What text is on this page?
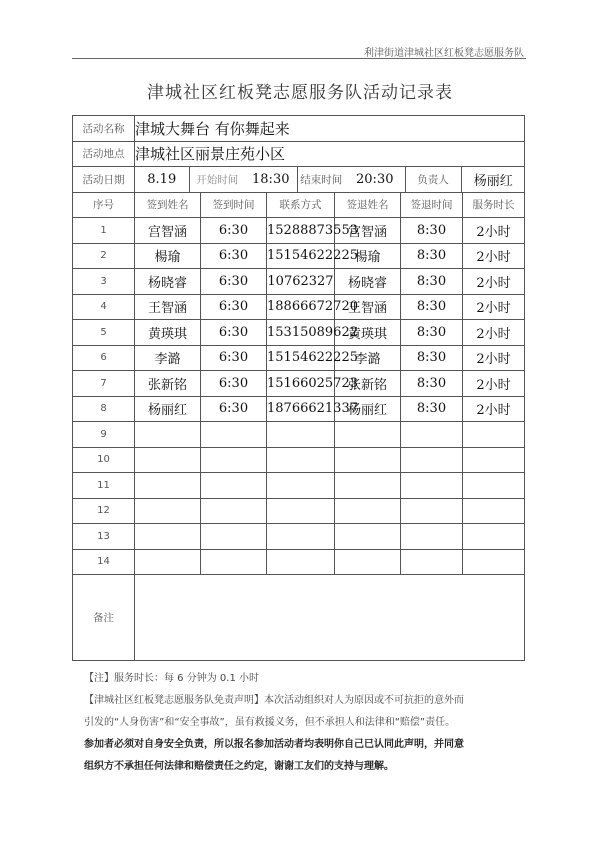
利津街道津城社区红板凳志愿服务队
津城社区红板凳志愿服务队活动记录表
活动名称	津城大舞台 有你舞起来
活动地点	津城社区丽景庄苑小区
活动日期	8.19	开始时间	18:30	结束时间	20:30	负责人	杨丽红

序号	签到姓名	签到时间	联系方式	签退姓名	签退时间	服务时长
1	宫智涵	6:30	15288873553	宫智涵	8:30	2小时
2	楊瑜	6:30	15154622225	楊瑜	8:30	2小时
3	杨晓睿	6:30	10762327	杨晓睿	8:30	2小时
4	王智涵	6:30	18866672720	王智涵	8:30	2小时
5	黄瑛琪	6:30	15315089622	黄瑛琪	8:30	2小时
6	李潞	6:30	15154622225	李潞	8:30	2小时
7	张新铭	6:30	15166025723	张新铭	8:30	2小时
8	杨丽红	6:30	18766621337	杨丽红	8:30	2小时
9						
10						
11						
12						
13						
14						
备注	

【注】服务时长：每 6 分钟为 0.1 小时

【津城社区红板凳志愿服务队免责声明】本次活动组织对人为原因或不可抗拒的意外而

引发的“人身伤害”和“安全事故”，虽有救援义务，但不承担人和法律和“赔偿”责任。

参加者必须对自身安全负责，所以报名参加活动者均表明你自己已认同此声明，并同意

组织方不承担任何法律和赔偿责任之约定，谢谢工友们的支持与理解。
